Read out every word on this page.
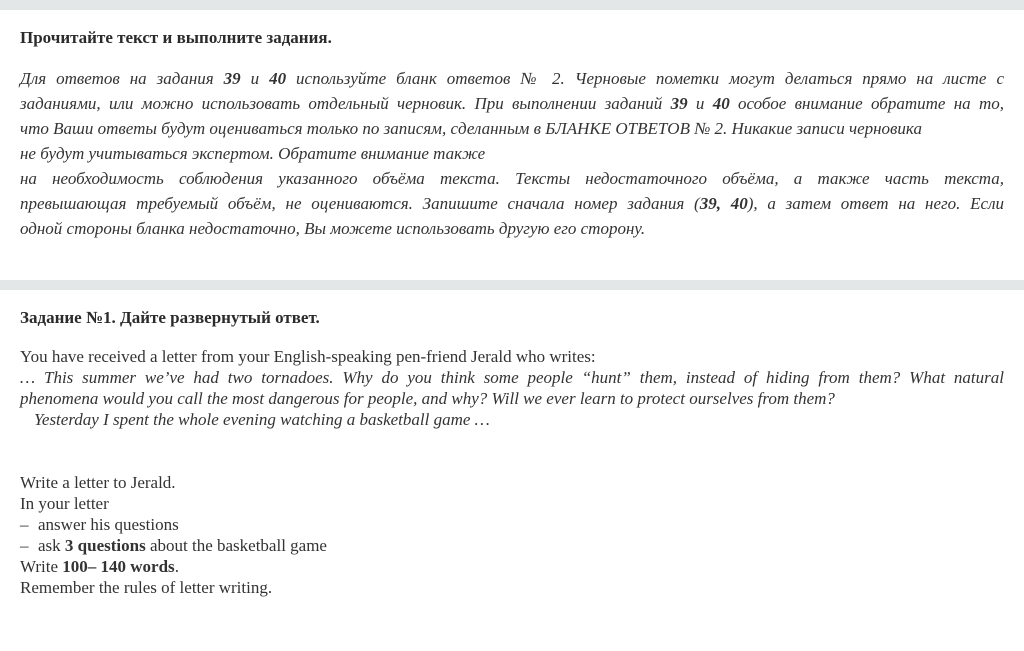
Прочитайте текст и выполните задания.
Для ответов на задания 39 и 40 используйте бланк ответов № 2. Черновые пометки могут делаться прямо на листе с
заданиями, или можно использовать отдельный черновик. При выполнении заданий 39 и 40 особое внимание обратите на то,
что Ваши ответы будут оцениваться только по записям, сделанным в БЛАНКЕ ОТВЕТОВ № 2. Никакие записи черновика
не будут учитываться экспертом. Обратите внимание также
на необходимость соблюдения указанного объёма текста. Тексты недостаточного объёма, а также часть текста,
превышающая требуемый объём, не оцениваются. Запишите сначала номер задания (39, 40), а затем ответ на него. Если
одной стороны бланка недостаточно, Вы можете использовать другую его сторону.
Задание №1. Дайте развернутый ответ.
You have received a letter from your English-speaking pen-friend Jerald who writes:
… This summer we’ve had two tornadoes. Why do you think some people “hunt” them, instead of hiding from them? What natural
phenomena would you call the most dangerous for people, and why? Will we ever learn to protect ourselves from them?
Yesterday I spent the whole evening watching a basketball game …
Write a letter to Jerald.
In your letter
– answer his questions
– ask 3 questions about the basketball game
Write 100– 140 words.
Remember the rules of letter writing.
